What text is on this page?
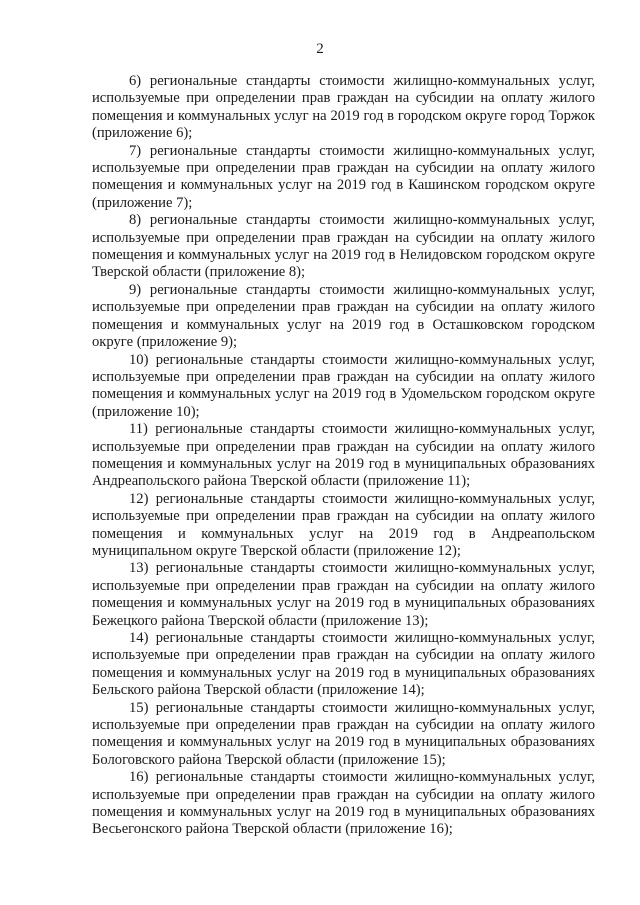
2

6) региональные стандарты стоимости жилищно-коммунальных услуг, используемые при определении прав граждан на субсидии на оплату жилого помещения и коммунальных услуг на 2019 год в городском округе город Торжок (приложение 6);

7) региональные стандарты стоимости жилищно-коммунальных услуг, используемые при определении прав граждан на субсидии на оплату жилого помещения и коммунальных услуг на 2019 год в Кашинском городском округе (приложение 7);

8) региональные стандарты стоимости жилищно-коммунальных услуг, используемые при определении прав граждан на субсидии на оплату жилого помещения и коммунальных услуг на 2019 год в Нелидовском городском округе Тверской области (приложение 8);

9) региональные стандарты стоимости жилищно-коммунальных услуг, используемые при определении прав граждан на субсидии на оплату жилого помещения и коммунальных услуг на 2019 год в Осташковском городском округе (приложение 9);

10) региональные стандарты стоимости жилищно-коммунальных услуг, используемые при определении прав граждан на субсидии на оплату жилого помещения и коммунальных услуг на 2019 год в Удомельском городском округе (приложение 10);

11) региональные стандарты стоимости жилищно-коммунальных услуг, используемые при определении прав граждан на субсидии на оплату жилого помещения и коммунальных услуг на 2019 год в муниципальных образованиях Андреапольского района Тверской области (приложение 11);

12) региональные стандарты стоимости жилищно-коммунальных услуг, используемые при определении прав граждан на субсидии на оплату жилого помещения и коммунальных услуг на 2019 год в Андреапольском муниципальном округе Тверской области (приложение 12);

13) региональные стандарты стоимости жилищно-коммунальных услуг, используемые при определении прав граждан на субсидии на оплату жилого помещения и коммунальных услуг на 2019 год в муниципальных образованиях Бежецкого района Тверской области (приложение 13);

14) региональные стандарты стоимости жилищно-коммунальных услуг, используемые при определении прав граждан на субсидии на оплату жилого помещения и коммунальных услуг на 2019 год в муниципальных образованиях Бельского района Тверской области (приложение 14);

15) региональные стандарты стоимости жилищно-коммунальных услуг, используемые при определении прав граждан на субсидии на оплату жилого помещения и коммунальных услуг на 2019 год в муниципальных образованиях Бологовского района Тверской области (приложение 15);

16) региональные стандарты стоимости жилищно-коммунальных услуг, используемые при определении прав граждан на субсидии на оплату жилого помещения и коммунальных услуг на 2019 год в муниципальных образованиях Весьегонского района Тверской области (приложение 16);
